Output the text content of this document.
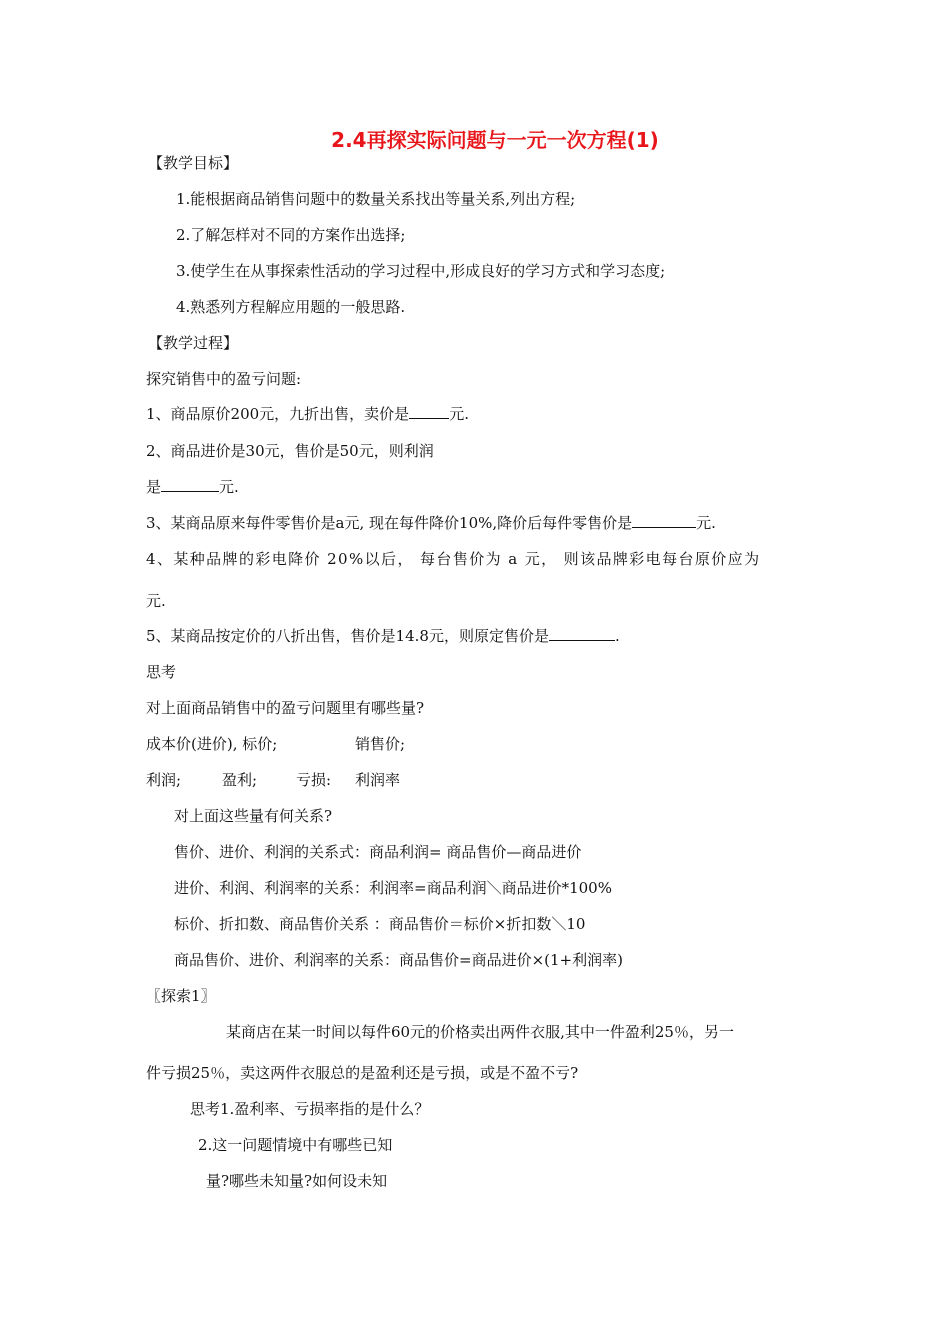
2.4再探实际问题与一元一次方程(1)
【教学目标】
1.能根据商品销售问题中的数量关系找出等量关系,列出方程;
2.了解怎样对不同的方案作出选择;
3.使学生在从事探索性活动的学习过程中,形成良好的学习方式和学习态度;
4.熟悉列方程解应用题的一般思路.
【教学过程】
探究销售中的盈亏问题:
1、商品原价200元，九折出售，卖价是	元.
2、商品进价是30元，售价是50元，则利润
是	元.
3、某商品原来每件零售价是a元, 现在每件降价10%,降价后每件零售价是	元.
4、某种品牌的彩电降价 20%以后， 每台售价为 a 元， 则该品牌彩电每台原价应为
元.
5、某商品按定价的八折出售，售价是14.8元，则原定售价是	.
思考
对上面商品销售中的盈亏问题里有哪些量?
成本价(进价), 标价;	销售价;
利润;	盈利;	亏损: 利润率
对上面这些量有何关系?
售价、进价、利润的关系式：商品利润= 商品售价—商品进价
进价、利润、利润率的关系：利润率=商品利润＼商品进价*100%
标价、折扣数、商品售价关系 ：商品售价＝标价×折扣数＼10
商品售价、进价、利润率的关系：商品售价=商品进价×(1+利润率)
〖探索1〗
某商店在某一时间以每件60元的价格卖出两件衣服,其中一件盈利25％，另一
件亏损25％，卖这两件衣服总的是盈利还是亏损，或是不盈不亏?
思考1.盈利率、亏损率指的是什么？
2.这一问题情境中有哪些已知
量?哪些未知量?如何设未知
